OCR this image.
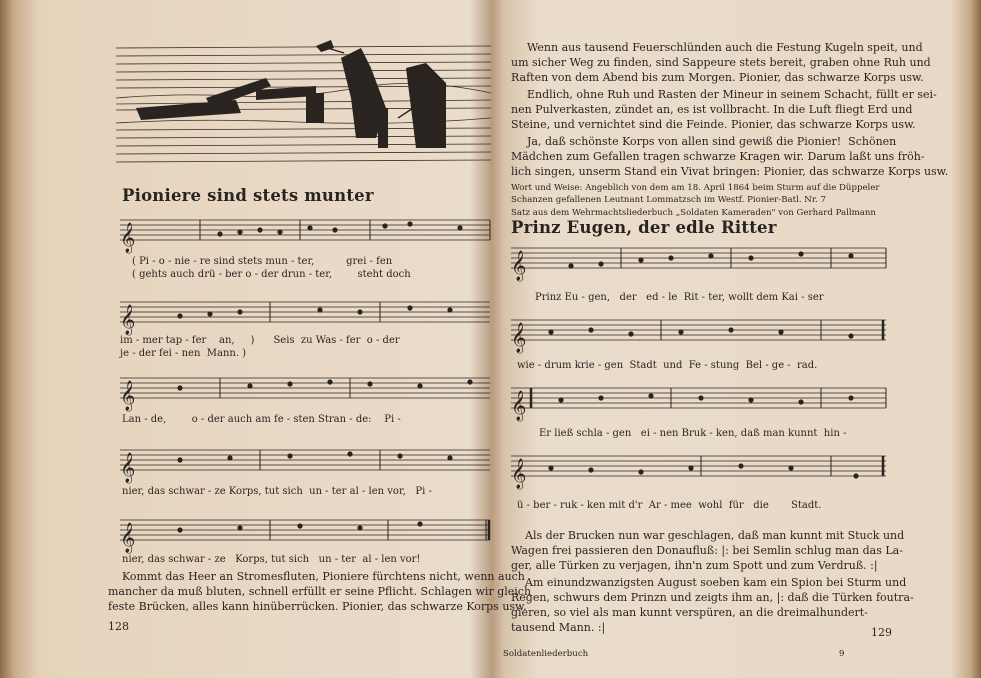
Pioniere sind stets munter
𝄞
𝄞
𝄞
𝄞
𝄞
( Pi - o - nie - re sind stets mun - ter,          grei - fen
( gehts auch drü - ber o - der drun - ter,        steht doch
im - mer tap - fer    an,     )      Seis  zu Was - fer  o - der
je - der fei - nen  Mann. )
Lan - de,        o - der auch am fe - sten Stran - de:    Pi -
nier, das schwar - ze Korps, tut sich  un - ter al - len vor,   Pi -
nier, das schwar - ze   Korps, tut sich   un - ter  al - len vor!
Kommt das Heer an Stromesfluten, Pioniere fürchtens nicht, wenn auch
mancher da muß bluten, schnell erfüllt er seine Pflicht. Schlagen wir gleich
feste Brücken, alles kann hinüberrücken. Pionier, das schwarze Korps usw.
128
Wenn aus tausend Feuerschlünden auch die Festung Kugeln speit, und
um sicher Weg zu finden, sind Sappeure stets bereit, graben ohne Ruh und
Raften von dem Abend bis zum Morgen. Pionier, das schwarze Korps usw.
Endlich, ohne Ruh und Rasten der Mineur in seinem Schacht, füllt er sei-
nen Pulverkasten, zündet an, es ist vollbracht. In die Luft fliegt Erd und
Steine, und vernichtet sind die Feinde. Pionier, das schwarze Korps usw.
Ja, daß schönste Korps von allen sind gewiß die Pionier!  Schönen
Mädchen zum Gefallen tragen schwarze Kragen wir. Darum laßt uns fröh-
lich singen, unserm Stand ein Vivat bringen: Pionier, das schwarze Korps usw.
Wort und Weise: Angeblich von dem am 18. April 1864 beim Sturm auf die Düppeler
Schanzen gefallenen Leutnant Lommatzsch im Westf. Pionier-Batl. Nr. 7
Satz aus dem Wehrmachtsliederbuch „Soldaten Kameraden" von Gerhard Pallmann
Prinz Eugen, der edle Ritter
𝄞
𝄞
𝄞
𝄞
Prinz Eu - gen,   der   ed - le  Rit - ter, wollt dem Kai - ser
wie - drum krie - gen  Stadt  und  Fe - stung  Bel - ge -  rad.
Er ließ schla - gen   ei - nen Bruk - ken, daß man kunnt  hin -
ü - ber - ruk - ken mit d'r  Ar - mee  wohl  für   die       Stadt.
Als der Brucken nun war geschlagen, daß man kunnt mit Stuck und
Wagen frei passieren den Donaufluß: |: bei Semlin schlug man das La-
ger, alle Türken zu verjagen, ihn'n zum Spott und zum Verdruß. :|
Am einundzwanzigsten August soeben kam ein Spion bei Sturm und
Regen, schwurs dem Prinzn und zeigts ihm an, |: daß die Türken foutra-
gieren, so viel als man kunnt verspüren, an die dreimalhundert-
tausend Mann. :|	129
Soldatenliederbuch	9
